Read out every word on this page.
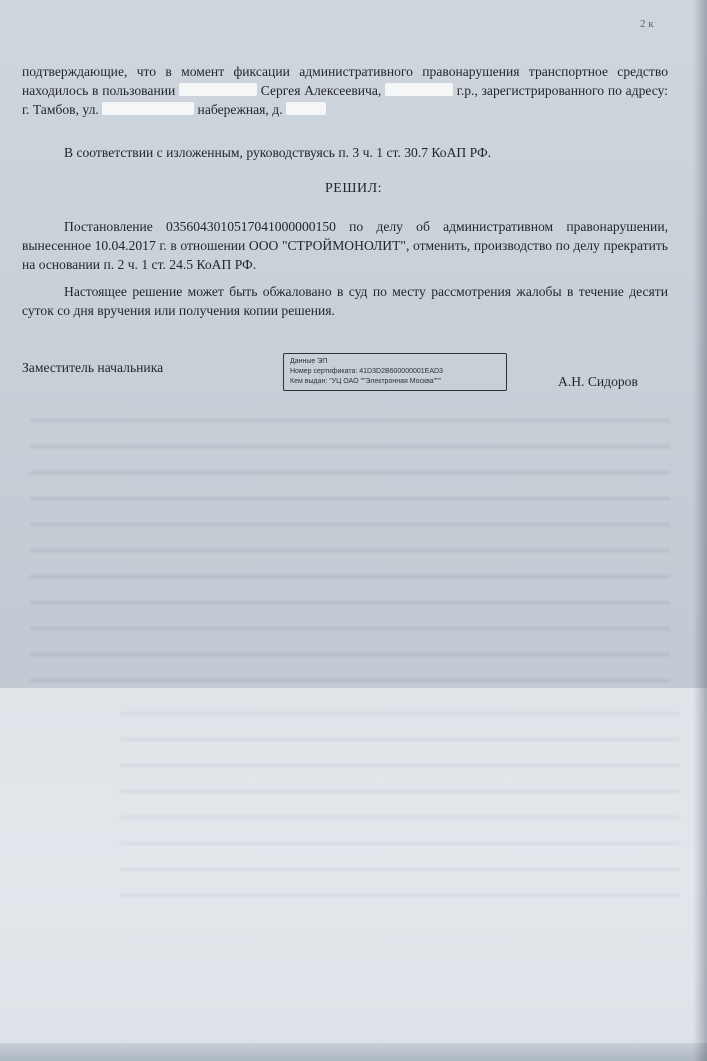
2 к

подтверждающие, что в момент фиксации административного правонарушения транспортное средство находилось в пользовании	Сергея Алексеевича,	г.р., зарегистрированного по адресу: г. Тамбов, ул.	набережная, д.

В соответствии с изложенным, руководствуясь п. 3 ч. 1 ст. 30.7 КоАП РФ.

РЕШИЛ:

Постановление 0356043010517041000000150 по делу об административном правонарушении, вынесенное 10.04.2017 г. в отношении ООО "СТРОЙМОНОЛИТ", отменить, производство по делу прекратить на основании п. 2 ч. 1 ст. 24.5 КоАП РФ.

Настоящее решение может быть обжаловано в суд по месту рассмотрения жалобы в течение десяти суток со дня вручения или получения копии решения.

Заместитель начальника	Данные ЭП
Номер сертификата: 41D3D2B600000001EAD3
Кем выдан: "УЦ ОАО ""Электронная Москва"""	А.Н. Сидоров
